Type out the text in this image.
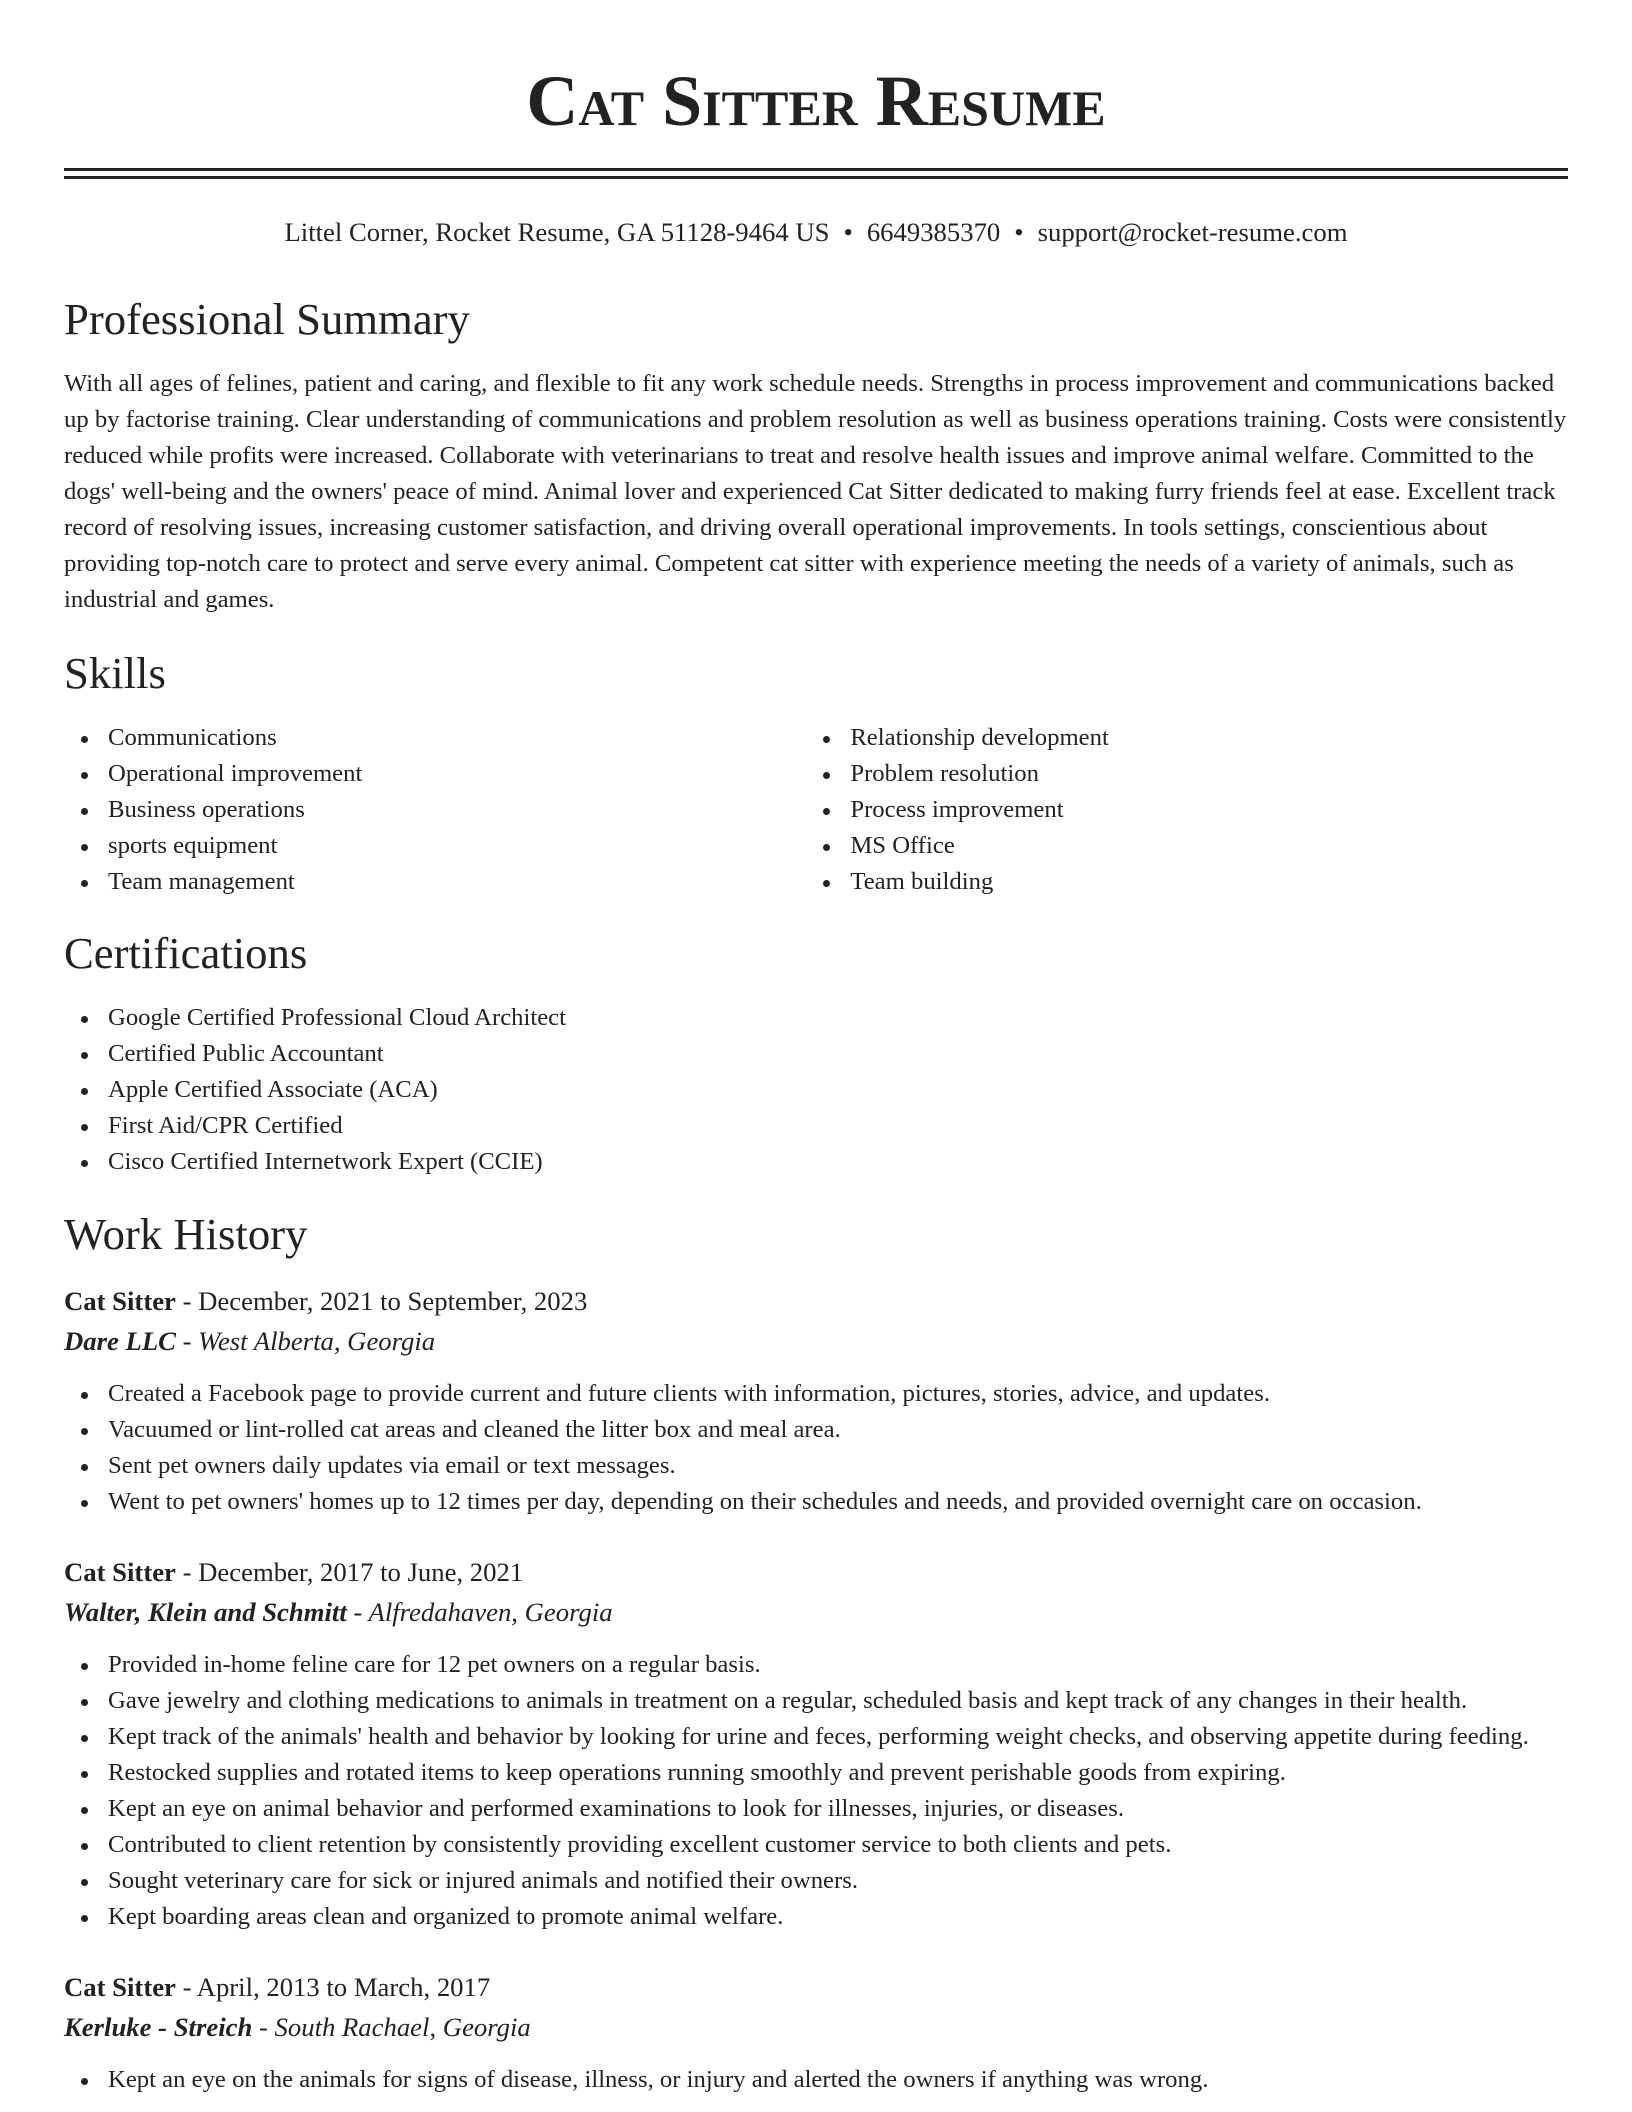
Cat Sitter Resume
Littel Corner, Rocket Resume, GA 51128-9464 US • 6649385370 • support@rocket-resume.com
Professional Summary

With all ages of felines, patient and caring, and flexible to fit any work schedule needs. Strengths in process improvement and communications backed up by factorise training. Clear understanding of communications and problem resolution as well as business operations training. Costs were consistently reduced while profits were increased. Collaborate with veterinarians to treat and resolve health issues and improve animal welfare. Committed to the dogs' well-being and the owners' peace of mind. Animal lover and experienced Cat Sitter dedicated to making furry friends feel at ease. Excellent track record of resolving issues, increasing customer satisfaction, and driving overall operational improvements. In tools settings, conscientious about providing top-notch care to protect and serve every animal. Competent cat sitter with experience meeting the needs of a variety of animals, such as industrial and games.

Skills
Communications
Operational improvement
Business operations
sports equipment
Team management
Relationship development
Problem resolution
Process improvement
MS Office
Team building
Certifications
Google Certified Professional Cloud Architect
Certified Public Accountant
Apple Certified Associate (ACA)
First Aid/CPR Certified
Cisco Certified Internetwork Expert (CCIE)
Work History
Cat Sitter - December, 2021 to September, 2023
Dare LLC - West Alberta, Georgia
Created a Facebook page to provide current and future clients with information, pictures, stories, advice, and updates.
Vacuumed or lint-rolled cat areas and cleaned the litter box and meal area.
Sent pet owners daily updates via email or text messages.
Went to pet owners' homes up to 12 times per day, depending on their schedules and needs, and provided overnight care on occasion.
Cat Sitter - December, 2017 to June, 2021
Walter, Klein and Schmitt - Alfredahaven, Georgia
Provided in-home feline care for 12 pet owners on a regular basis.
Gave jewelry and clothing medications to animals in treatment on a regular, scheduled basis and kept track of any changes in their health.
Kept track of the animals' health and behavior by looking for urine and feces, performing weight checks, and observing appetite during feeding.
Restocked supplies and rotated items to keep operations running smoothly and prevent perishable goods from expiring.
Kept an eye on animal behavior and performed examinations to look for illnesses, injuries, or diseases.
Contributed to client retention by consistently providing excellent customer service to both clients and pets.
Sought veterinary care for sick or injured animals and notified their owners.
Kept boarding areas clean and organized to promote animal welfare.
Cat Sitter - April, 2013 to March, 2017
Kerluke - Streich - South Rachael, Georgia
Kept an eye on the animals for signs of disease, illness, or injury and alerted the owners if anything was wrong.
